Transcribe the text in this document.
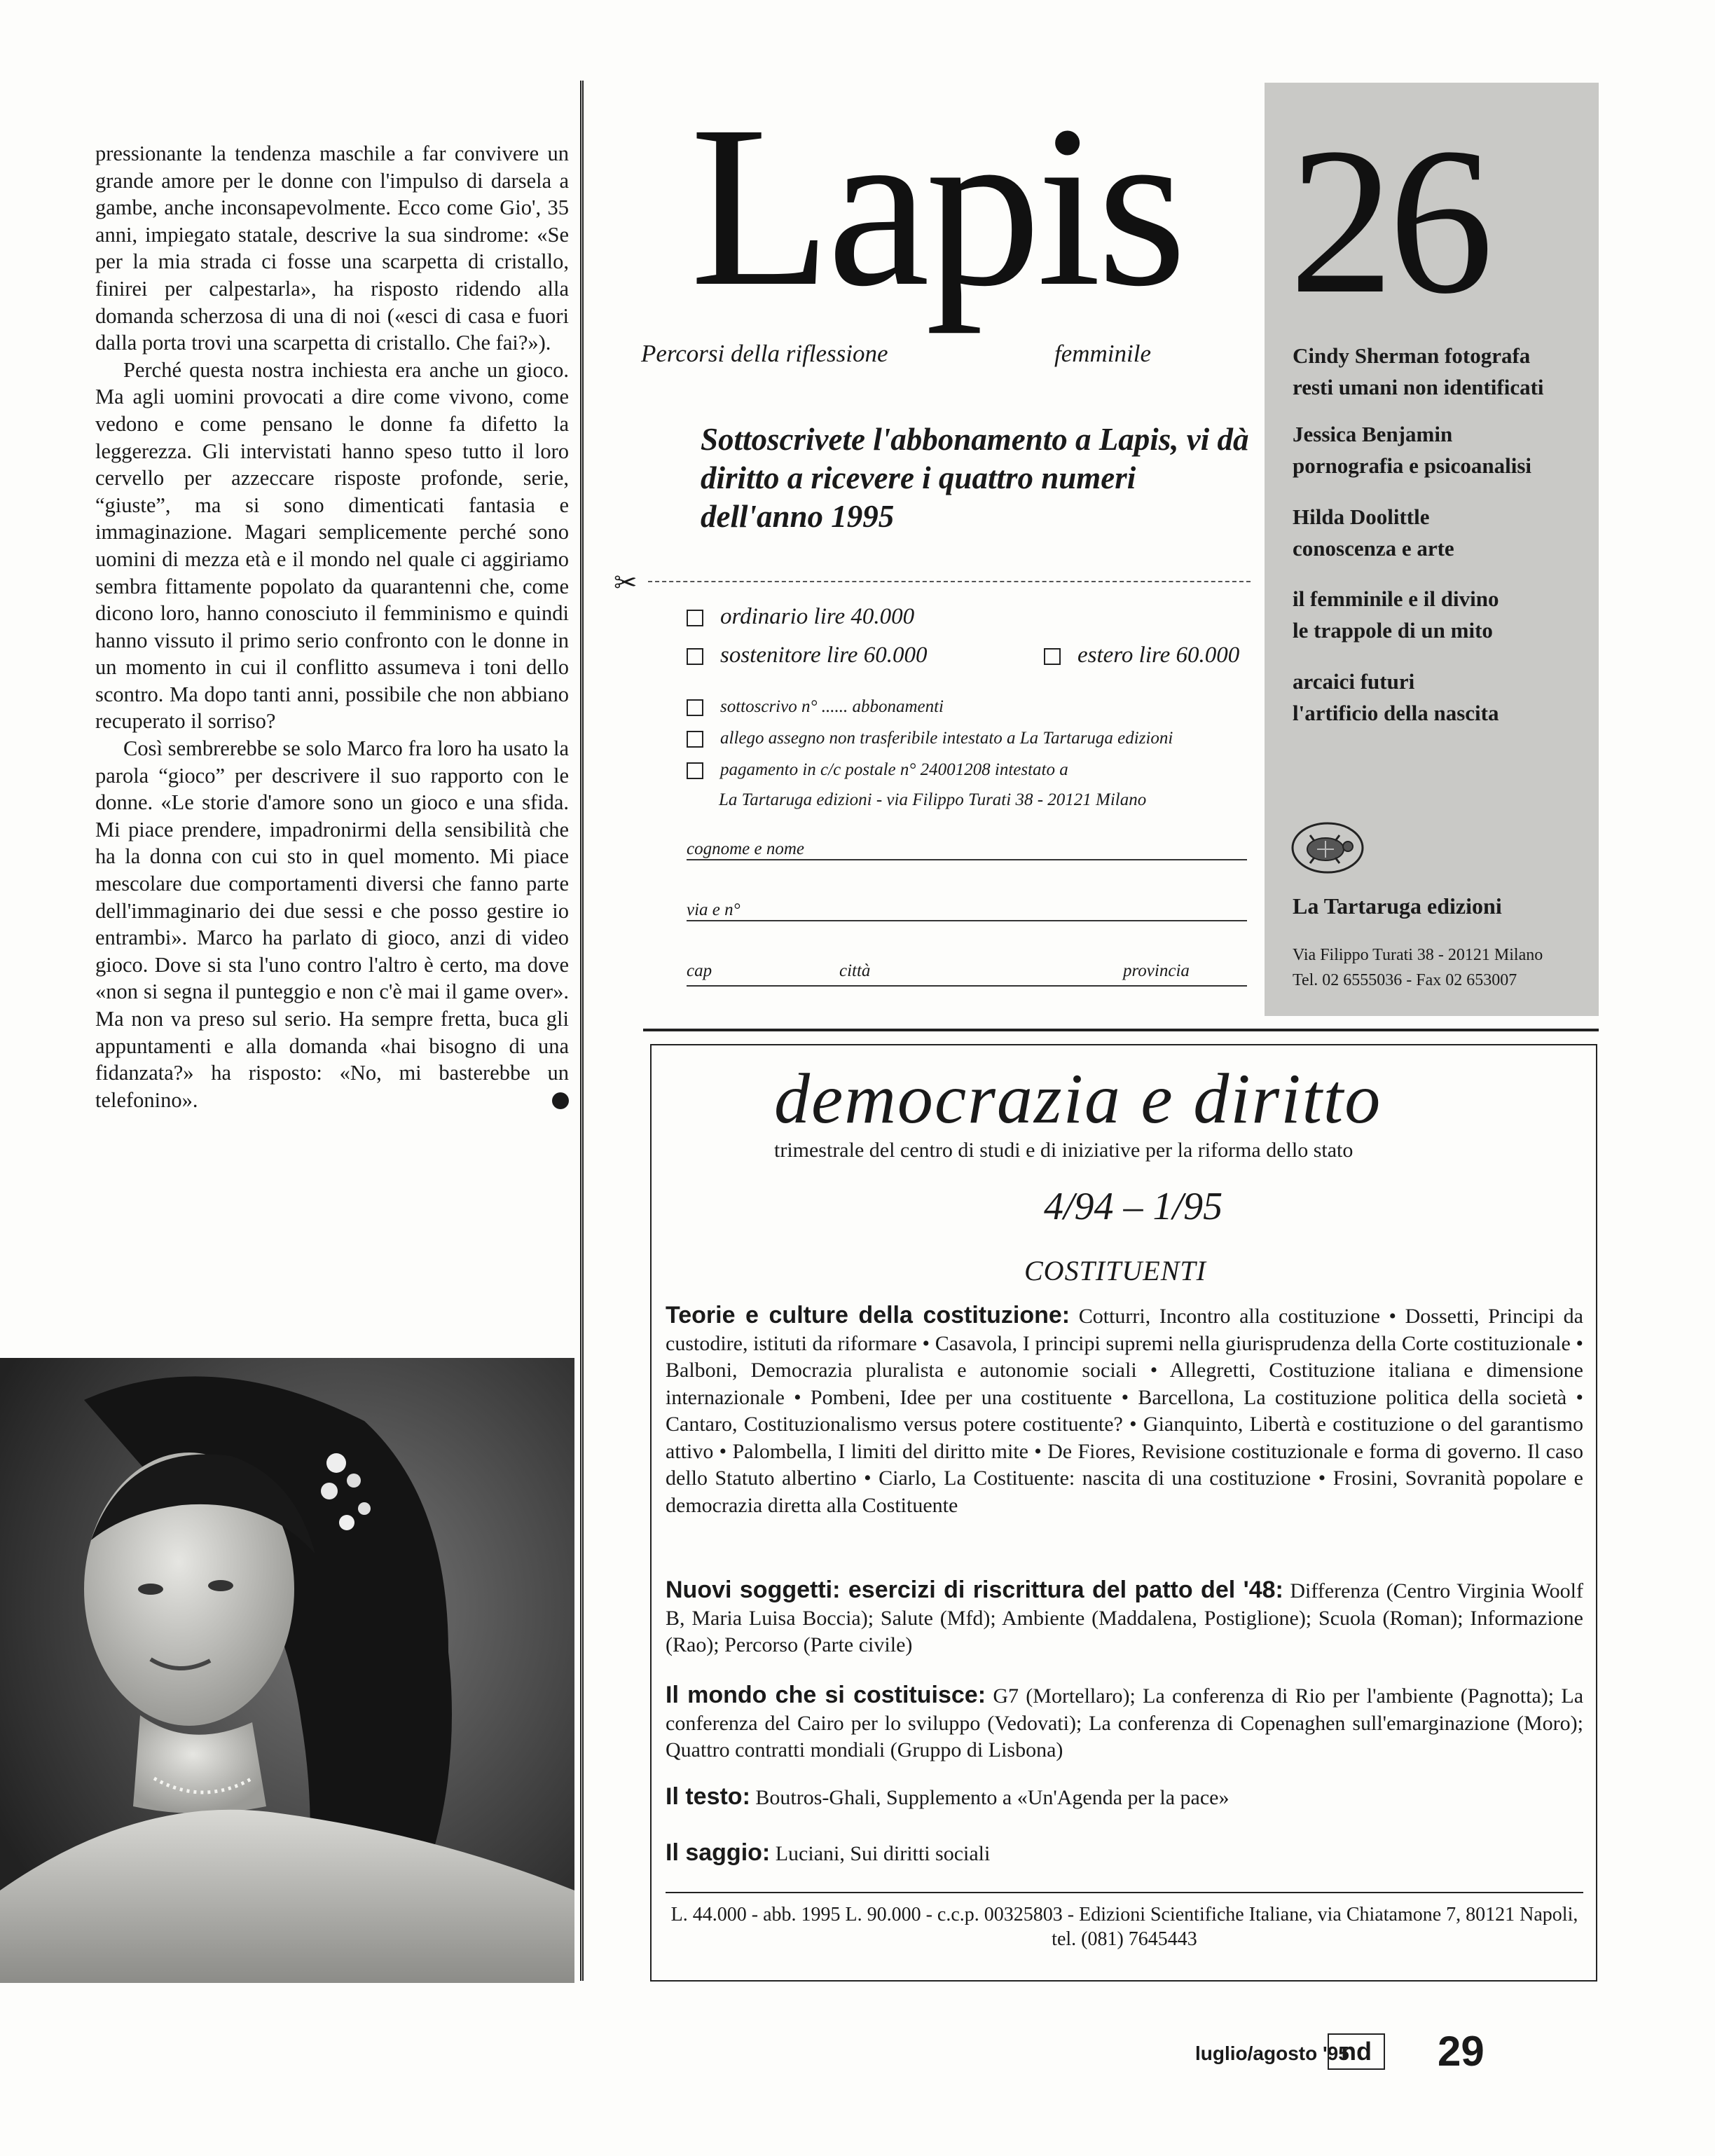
pressionante la tendenza maschile a far convivere un grande amore per le donne con l'impulso di darsela a gambe, anche inconsapevolmente. Ecco come Gio', 35 anni, impiegato statale, descrive la sua sindrome: «Se per la mia strada ci fosse una scarpetta di cristallo, finirei per calpestarla», ha risposto ridendo alla domanda scherzosa di una di noi («esci di casa e fuori dalla porta trovi una scarpetta di cristallo. Che fai?»).

Perché questa nostra inchiesta era anche un gioco. Ma agli uomini provocati a dire come vivono, come vedono e come pensano le donne fa difetto la leggerezza. Gli intervistati hanno speso tutto il loro cervello per azzeccare risposte profonde, serie, “giuste”, ma si sono dimenticati fantasia e immaginazione. Magari semplicemente perché sono uomini di mezza età e il mondo nel quale ci aggiriamo sembra fittamente popolato da quarantenni che, come dicono loro, hanno conosciuto il femminismo e quindi hanno vissuto il primo serio confronto con le donne in un momento in cui il conflitto assumeva i toni dello scontro. Ma dopo tanti anni, possibile che non abbiano recuperato il sorriso?

Così sembrerebbe se solo Marco fra loro ha usato la parola “gioco” per descrivere il suo rapporto con le donne. «Le storie d'amore sono un gioco e una sfida. Mi piace prendere, impadronirmi della sensibilità che ha la donna con cui sto in quel momento. Mi piace mescolare due comportamenti diversi che fanno parte dell'immaginario dei due sessi e che posso gestire io entrambi». Marco ha parlato di gioco, anzi di video gioco. Dove si sta l'uno contro l'altro è certo, ma dove «non si segna il punteggio e non c'è mai il game over». Ma non va preso sul serio. Ha sempre fretta, buca gli appuntamenti e alla domanda «hai bisogno di una fidanzata?» ha risposto: «No, mi basterebbe un telefonino».

Lapis
Percorsi della riflessione	femminile
Sottoscrivete l'abbonamento a Lapis, vi dà diritto a ricevere i quattro numeri dell'anno 1995
✂
ordinario lire 40.000
sostenitore lire 60.000	estero lire 60.000
sottoscrivo n° ...... abbonamenti
allego assegno non trasferibile intestato a La Tartaruga edizioni
pagamento in c/c postale n° 24001208 intestato a
La Tartaruga edizioni - via Filippo Turati 38 - 20121 Milano
cognome e nome
via e n°
cap	città	provincia
26
Cindy Sherman fotografa
resti umani non identificati
Jessica Benjamin
pornografia e psicoanalisi
Hilda Doolittle
conoscenza e arte
il femminile e il divino
le trappole di un mito
arcaici futuri
l'artificio della nascita
La Tartaruga edizioni
Via Filippo Turati 38 - 20121 Milano
Tel. 02 6555036 - Fax 02 653007
democrazia e diritto
trimestrale del centro di studi e di iniziative per la riforma dello stato
4/94 – 1/95
COSTITUENTI
Teorie e culture della costituzione: Cotturri, Incontro alla costituzione • Dossetti, Principi da custodire, istituti da riformare • Casavola, I principi supremi nella giurisprudenza della Corte costituzionale • Balboni, Democrazia pluralista e autonomie sociali • Allegretti, Costituzione italiana e dimensione internazionale • Pombeni, Idee per una costituente • Barcellona, La costituzione politica della società • Cantaro, Costituzionalismo versus potere costituente? • Gianquinto, Libertà e costituzione o del garantismo attivo • Palombella, I limiti del diritto mite • De Fiores, Revisione costituzionale e forma di governo. Il caso dello Statuto albertino • Ciarlo, La Costituente: nascita di una costituzione • Frosini, Sovranità popolare e democrazia diretta alla Costituente
Nuovi soggetti: esercizi di riscrittura del patto del '48: Differenza (Centro Virginia Woolf B, Maria Luisa Boccia); Salute (Mfd); Ambiente (Maddalena, Postiglione); Scuola (Roman); Informazione (Rao); Percorso (Parte civile)
Il mondo che si costituisce: G7 (Mortellaro); La conferenza di Rio per l'ambiente (Pagnotta); La conferenza del Cairo per lo sviluppo (Vedovati); La conferenza di Copenaghen sull'emarginazione (Moro); Quattro contratti mondiali (Gruppo di Lisbona)
Il testo: Boutros-Ghali, Supplemento a «Un'Agenda per la pace»
Il saggio: Luciani, Sui diritti sociali
L. 44.000 - abb. 1995 L. 90.000 - c.c.p. 00325803 - Edizioni Scientifiche Italiane, via Chiatamone 7, 80121 Napoli, tel. (081) 7645443
luglio/agosto '95
nd	29
